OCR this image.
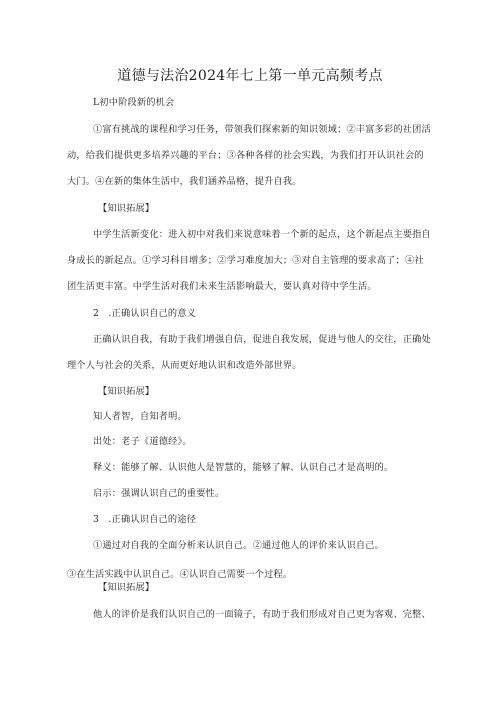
道德与法治2024年七上第一单元高频考点
L初中阶段新的机会
①富有挑战的课程和学习任务，带领我们探索新的知识领域；②丰富多彩的社团活
动，给我们提供更多培养兴趣的平台；③各种各样的社会实践，为我们打开认识社会的
大门。④在新的集体生活中，我们涵养品格，提升自我。
【知识拓展】
中学生活新变化：进入初中对我们来说意味着一个新的起点，这个新起点主要指自
身成长的新起点。①学习科目增多；②学习难度加大；③对自主管理的要求高了；④社
团生活更丰富。中学生活对我们未来生活影响最大，要认真对待中学生活。
2　.正确认识自己的意义
正确认识自我，有助于我们增强自信，促进自我发展，促进与他人的交往，正确处
理个人与社会的关系，从而更好地认识和改造外部世界。
【知识拓展】
知人者智，自知者明。
出处：老子《道德经》。
释义：能够了解、认识他人是智慧的，能够了解、认识自己才是高明的。
启示：强调认识自己的重要性。
3　.正确认识自己的途径
①通过对自我的全面分析来认识自己。②通过他人的评价来认识自己。
③在生活实践中认识自己。④认识自己需要一个过程。
【知识拓展】
他人的评价是我们认识自己的一面镜子，有助于我们形成对自己更为客观、完整、
